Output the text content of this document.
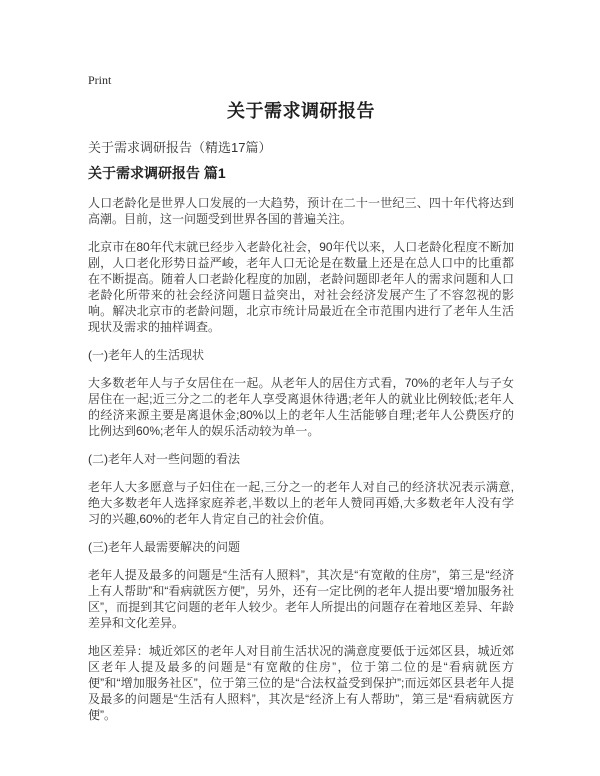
Print
关于需求调研报告

关于需求调研报告（精选17篇）

关于需求调研报告 篇1

人口老龄化是世界人口发展的一大趋势，预计在二十一世纪三、四十年代将达到高潮。目前，这一问题受到世界各国的普遍关注。

北京市在80年代末就已经步入老龄化社会，90年代以来，人口老龄化程度不断加剧，人口老化形势日益严峻，老年人口无论是在数量上还是在总人口中的比重都在不断提高。随着人口老龄化程度的加剧，老龄问题即老年人的需求问题和人口老龄化所带来的社会经济问题日益突出，对社会经济发展产生了不容忽视的影响。解决北京市的老龄问题，北京市统计局最近在全市范围内进行了老年人生活现状及需求的抽样调查。

(一)老年人的生活现状

大多数老年人与子女居住在一起。从老年人的居住方式看，70%的老年人与子女居住在一起;近三分之二的老年人享受离退休待遇;老年人的就业比例较低;老年人的经济来源主要是离退休金;80%以上的老年人生活能够自理;老年人公费医疗的比例达到60%;老年人的娱乐活动较为单一。

(二)老年人对一些问题的看法

老年人大多愿意与子妇住在一起,三分之一的老年人对自己的经济状况表示满意,绝大多数老年人选择家庭养老,半数以上的老年人赞同再婚,大多数老年人没有学习的兴趣,60%的老年人肯定自己的社会价值。

(三)老年人最需要解决的问题

老年人提及最多的问题是“生活有人照料”，其次是“有宽敞的住房”，第三是“经济上有人帮助”和“看病就医方便”，另外，还有一定比例的老年人提出要“增加服务社区”，而提到其它问题的老年人较少。老年人所提出的问题存在着地区差异、年龄差异和文化差异。

地区差异：城近郊区的老年人对目前生活状况的满意度要低于远郊区县，城近郊区老年人提及最多的问题是“有宽敞的住房”，位于第二位的是“看病就医方便”和“增加服务社区”，位于第三位的是“合法权益受到保护”;而远郊区县老年人提及最多的问题是“生活有人照料”，其次是“经济上有人帮助”，第三是“看病就医方便”。
